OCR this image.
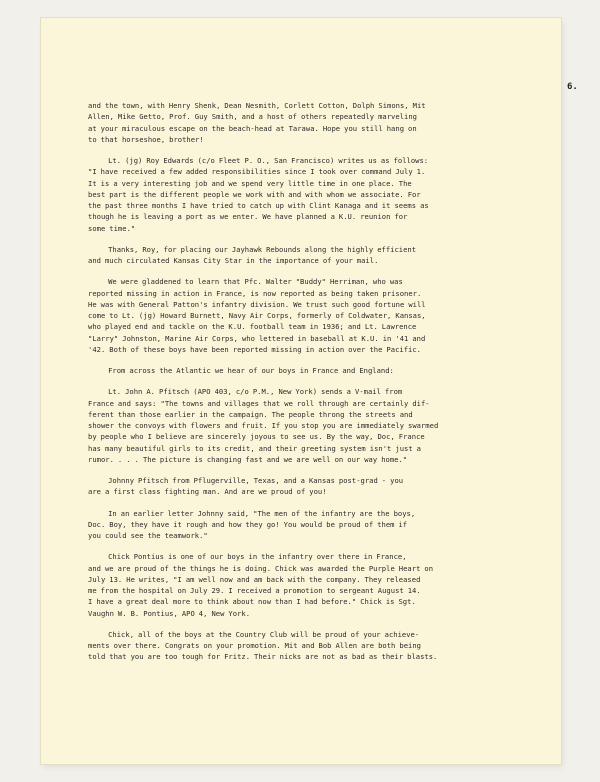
6.
and the town, with Henry Shenk, Dean Nesmith, Corlett Cotton, Dolph Simons, Mit
Allen, Mike Getto, Prof. Guy Smith, and a host of others repeatedly marveling
at your miraculous escape on the beach-head at Tarawa. Hope you still hang on
to that horseshoe, brother!
Lt. (jg) Roy Edwards (c/o Fleet P. O., San Francisco) writes us as follows:
"I have received a few added responsibilities since I took over command July 1.
It is a very interesting job and we spend very little time in one place. The
best part is the different people we work with and with whom we associate. For
the past three months I have tried to catch up with Clint Kanaga and it seems as
though he is leaving a port as we enter. We have planned a K.U. reunion for
some time."
Thanks, Roy, for placing our Jayhawk Rebounds along the highly efficient
and much circulated Kansas City Star in the importance of your mail.
We were gladdened to learn that Pfc. Walter "Buddy" Herriman, who was
reported missing in action in France, is now reported as being taken prisoner.
He was with General Patton's infantry division. We trust such good fortune will
come to Lt. (jg) Howard Burnett, Navy Air Corps, formerly of Coldwater, Kansas,
who played end and tackle on the K.U. football team in 1936; and Lt. Lawrence
"Larry" Johnston, Marine Air Corps, who lettered in baseball at K.U. in '41 and
'42. Both of these boys have been reported missing in action over the Pacific.
From across the Atlantic we hear of our boys in France and England:
Lt. John A. Pfitsch (APO 403, c/o P.M., New York) sends a V-mail from
France and says: "The towns and villages that we roll through are certainly dif-
ferent than those earlier in the campaign. The people throng the streets and
shower the convoys with flowers and fruit. If you stop you are immediately swarmed
by people who I believe are sincerely joyous to see us. By the way, Doc, France
has many beautiful girls to its credit, and their greeting system isn't just a
rumor. . . . The picture is changing fast and we are well on our way home."
Johnny Pfitsch from Pflugerville, Texas, and a Kansas post-grad - you
are a first class fighting man. And are we proud of you!
In an earlier letter Johnny said, "The men of the infantry are the boys,
Doc. Boy, they have it rough and how they go! You would be proud of them if
you could see the teamwork."
Chick Pontius is one of our boys in the infantry over there in France,
and we are proud of the things he is doing. Chick was awarded the Purple Heart on
July 13. He writes, "I am well now and am back with the company. They released
me from the hospital on July 29. I received a promotion to sergeant August 14.
I have a great deal more to think about now than I had before." Chick is Sgt.
Vaughn W. B. Pontius, APO 4, New York.
Chick, all of the boys at the Country Club will be proud of your achieve-
ments over there. Congrats on your promotion. Mit and Bob Allen are both being
told that you are too tough for Fritz. Their nicks are not as bad as their blasts.
